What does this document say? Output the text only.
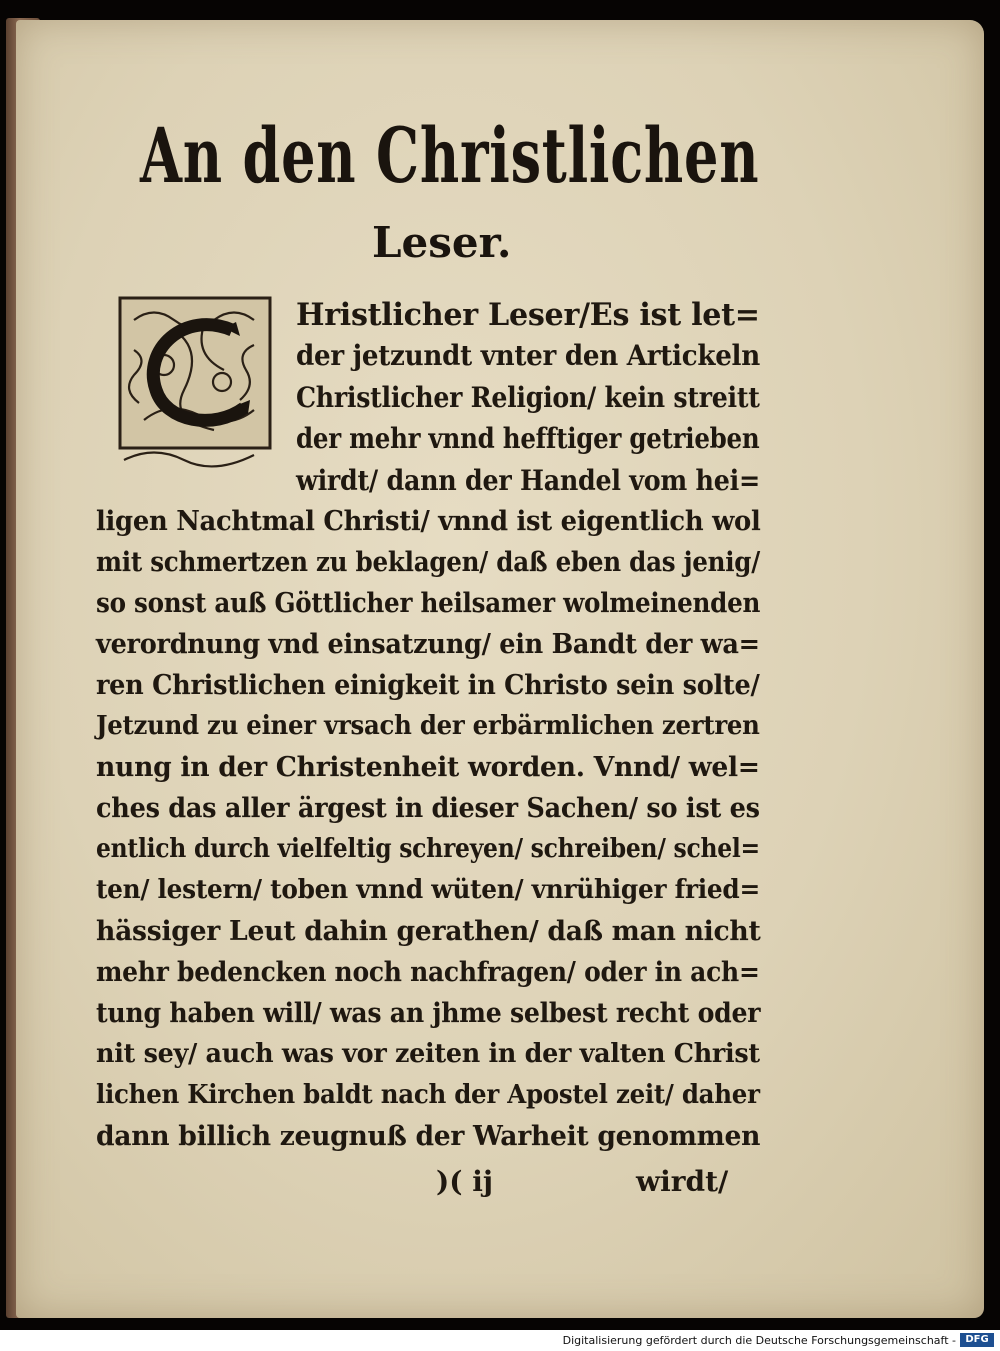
An den Christlichen
Leser.
Hristlicher Leser/Es ist let=
der jetzundt vnter den Artickeln
Christlicher Religion/ kein streitt
der mehr vnnd hefftiger getrieben
wirdt/ dann der Handel vom hei=
ligen Nachtmal Christi/ vnnd ist eigentlich wol
mit schmertzen zu beklagen/ daß eben das jenig/
so sonst auß Göttlicher heilsamer wolmeinenden
verordnung vnd einsatzung/ ein Bandt der wa=
ren Christlichen einigkeit in Christo sein solte/
Jetzund zu einer vrsach der erbärmlichen zertren
nung in der Christenheit worden. Vnnd/ wel=
ches das aller ärgest in dieser Sachen/ so ist es
entlich durch vielfeltig schreyen/ schreiben/ schel=
ten/ lestern/ toben vnnd wüten/ vnrühiger fried=
hässiger Leut dahin gerathen/ daß man nicht
mehr bedencken noch nachfragen/ oder in ach=
tung haben will/ was an jhme selbest recht oder
nit sey/ auch was vor zeiten in der valten Christ
lichen Kirchen baldt nach der Apostel zeit/ daher
dann billich zeugnuß der Warheit genommen
)( ij	wirdt/
Digitalisierung gefördert durch die Deutsche Forschungsgemeinschaft - DFG
